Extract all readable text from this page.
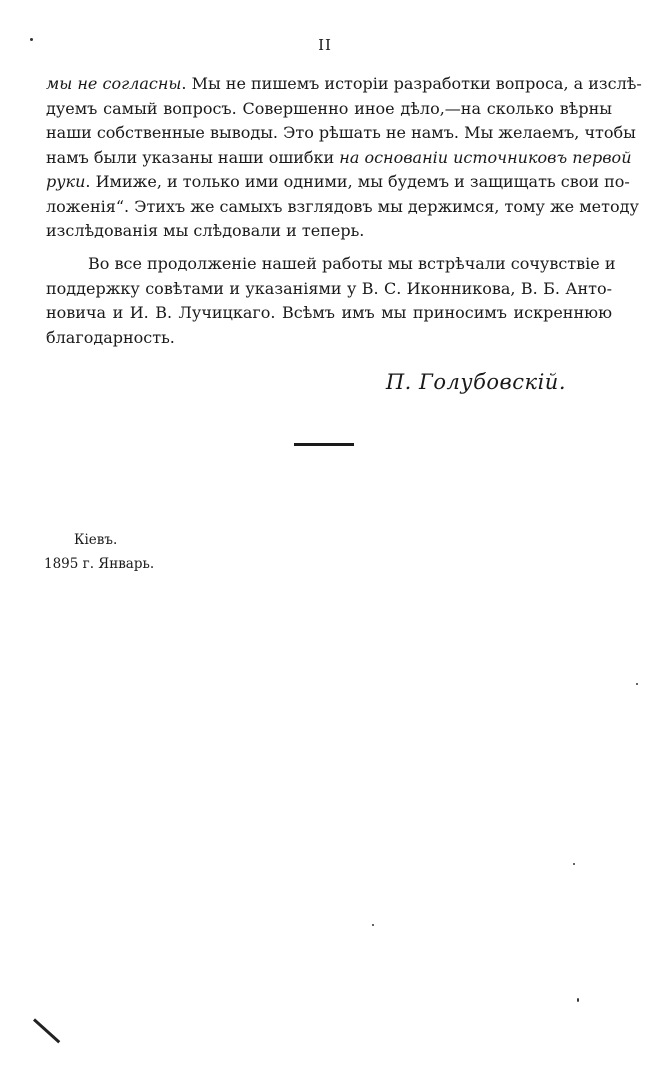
II
мы не согласны. Мы не пишемъ исторіи разработки вопроса, а изслѣ-
дуемъ самый вопросъ. Совершенно иное дѣло,—на сколько вѣрны
наши собственные выводы. Это рѣшать не намъ. Мы желаемъ, чтобы
намъ были указаны наши ошибки на основаніи источниковъ первой
руки. Имиже, и только ими одними, мы будемъ и защищать свои по-
ложенія“. Этихъ же самыхъ взглядовъ мы держимся, тому же методу
изслѣдованія мы слѣдовали и теперь.
Во все продолженіе нашей работы мы встрѣчали сочувствіе и
поддержку совѣтами и указаніями у В. С. Иконникова, В. Б. Анто-
новича и И. В. Лучицкаго. Всѣмъ имъ мы приносимъ искреннюю
благодарность.
П. Голубовскій.
Кіевъ.
1895 г. Январь.
